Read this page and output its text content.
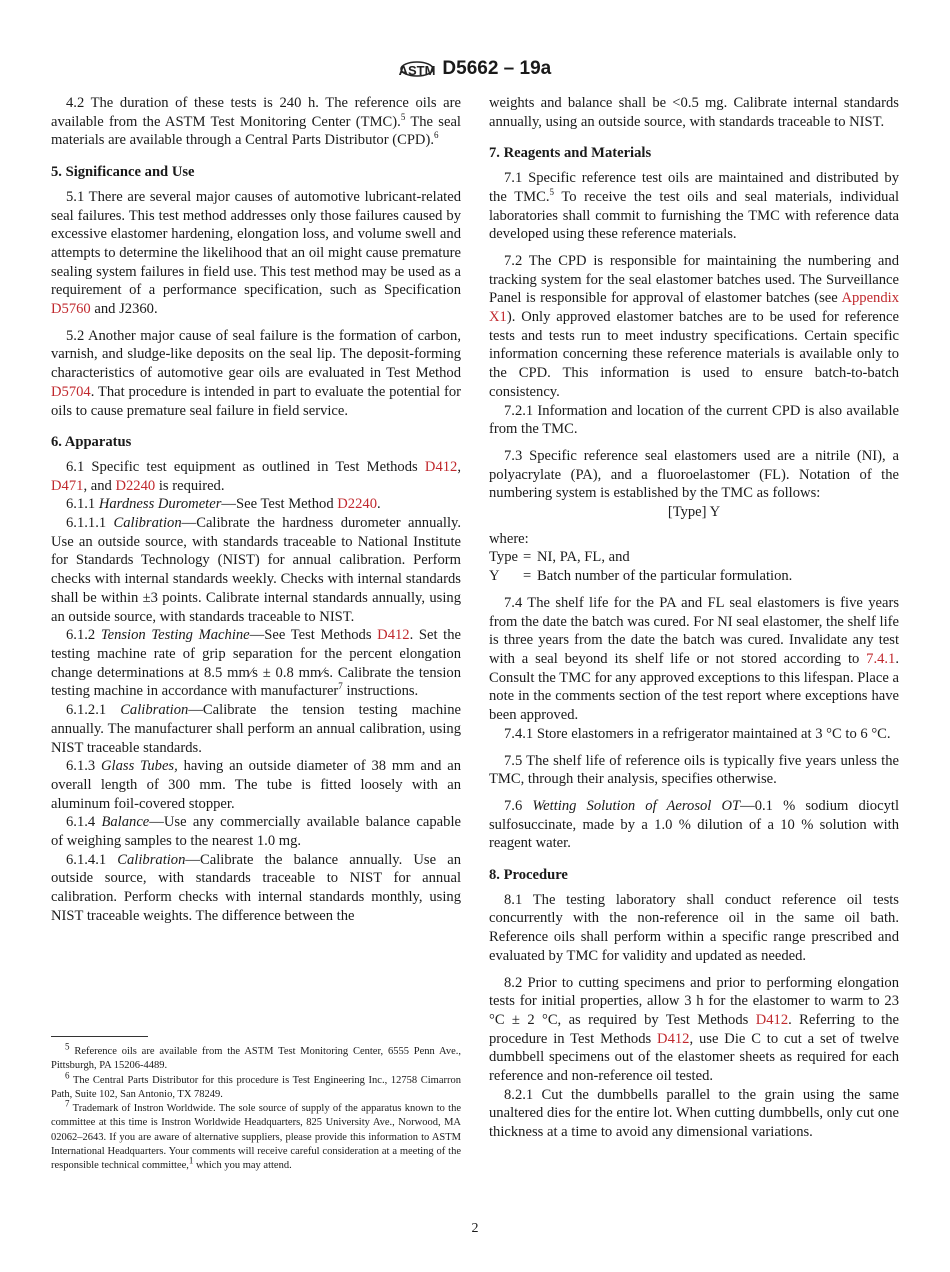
ASTM D5662 – 19a
4.2 The duration of these tests is 240 h. The reference oils are available from the ASTM Test Monitoring Center (TMC).$^5$ The seal materials are available through a Central Parts Distributor (CPD).$^6$
5. Significance and Use
5.1 There are several major causes of automotive lubricant-related seal failures. This test method addresses only those failures caused by excessive elastomer hardening, elongation loss, and volume swell and attempts to determine the likelihood that an oil might cause premature sealing system failures in field use. This test method may be used as a requirement of a performance specification, such as Specification D5760 and J2360.
5.2 Another major cause of seal failure is the formation of carbon, varnish, and sludge-like deposits on the seal lip. The deposit-forming characteristics of automotive gear oils are evaluated in Test Method D5704. That procedure is intended in part to evaluate the potential for oils to cause premature seal failure in field service.
6. Apparatus
6.1 Specific test equipment as outlined in Test Methods D412, D471, and D2240 is required.
6.1.1 Hardness Durometer—See Test Method D2240.
6.1.1.1 Calibration—Calibrate the hardness durometer annually. Use an outside source, with standards traceable to National Institute for Standards Technology (NIST) for annual calibration. Perform checks with internal standards weekly. Checks with internal standards shall be within ±3 points. Calibrate internal standards annually, using an outside source, with standards traceable to NIST.
6.1.2 Tension Testing Machine—See Test Methods D412. Set the testing machine rate of grip separation for the percent elongation change determinations at 8.5 mm⁄s ± 0.8 mm⁄s. Calibrate the tension testing machine in accordance with manufacturer$^7$ instructions.
6.1.2.1 Calibration—Calibrate the tension testing machine annually. The manufacturer shall perform an annual calibration, using NIST traceable standards.
6.1.3 Glass Tubes, having an outside diameter of 38 mm and an overall length of 300 mm. The tube is fitted loosely with an aluminum foil-covered stopper.
6.1.4 Balance—Use any commercially available balance capable of weighing samples to the nearest 1.0 mg.
6.1.4.1 Calibration—Calibrate the balance annually. Use an outside source, with standards traceable to NIST for annual calibration. Perform checks with internal standards monthly, using NIST traceable weights. The difference between the
weights and balance shall be <0.5 mg. Calibrate internal standards annually, using an outside source, with standards traceable to NIST.
7. Reagents and Materials
7.1 Specific reference test oils are maintained and distributed by the TMC.$^5$ To receive the test oils and seal materials, individual laboratories shall commit to furnishing the TMC with reference data developed using these reference materials.
7.2 The CPD is responsible for maintaining the numbering and tracking system for the seal elastomer batches used. The Surveillance Panel is responsible for approval of elastomer batches (see Appendix X1). Only approved elastomer batches are to be used for reference tests and tests run to meet industry specifications. Certain specific information concerning these reference materials is available only to the CPD. This information is used to ensure batch-to-batch consistency.
7.2.1 Information and location of the current CPD is also available from the TMC.
7.3 Specific reference seal elastomers used are a nitrile (NI), a polyacrylate (PA), and a fluoroelastomer (FL). Notation of the numbering system is established by the TMC as follows:
[Type] Y
where:
Type = NI, PA, FL, and
Y	= Batch number of the particular formulation.
7.4 The shelf life for the PA and FL seal elastomers is five years from the date the batch was cured. For NI seal elastomer, the shelf life is three years from the date the batch was cured. Invalidate any test with a seal beyond its shelf life or not stored according to 7.4.1. Consult the TMC for any approved exceptions to this lifespan. Place a note in the comments section of the test report where exceptions have been approved.
7.4.1 Store elastomers in a refrigerator maintained at 3 °C to 6 °C.
7.5 The shelf life of reference oils is typically five years unless the TMC, through their analysis, specifies otherwise.
7.6 Wetting Solution of Aerosol OT—0.1 % sodium diocytl sulfosuccinate, made by a 1.0 % dilution of a 10 % solution with reagent water.
8. Procedure
8.1 The testing laboratory shall conduct reference oil tests concurrently with the non-reference oil in the same oil bath. Reference oils shall perform within a specific range prescribed and evaluated by TMC for validity and updated as needed.
8.2 Prior to cutting specimens and prior to performing elongation tests for initial properties, allow 3 h for the elastomer to warm to 23 °C ± 2 °C, as required by Test Methods D412. Referring to the procedure in Test Methods D412, use Die C to cut a set of twelve dumbbell specimens out of the elastomer sheets as required for each reference and non-reference oil tested.
8.2.1 Cut the dumbbells parallel to the grain using the same unaltered dies for the entire lot. When cutting dumbbells, only cut one thickness at a time to avoid any dimensional variations.
5 Reference oils are available from the ASTM Test Monitoring Center, 6555 Penn Ave., Pittsburgh, PA 15206-4489.
6 The Central Parts Distributor for this procedure is Test Engineering Inc., 12758 Cimarron Path, Suite 102, San Antonio, TX 78249.
7 Trademark of Instron Worldwide. The sole source of supply of the apparatus known to the committee at this time is Instron Worldwide Headquarters, 825 University Ave., Norwood, MA 02062–2643. If you are aware of alternative suppliers, please provide this information to ASTM International Headquarters. Your comments will receive careful consideration at a meeting of the responsible technical committee,1 which you may attend.
2
